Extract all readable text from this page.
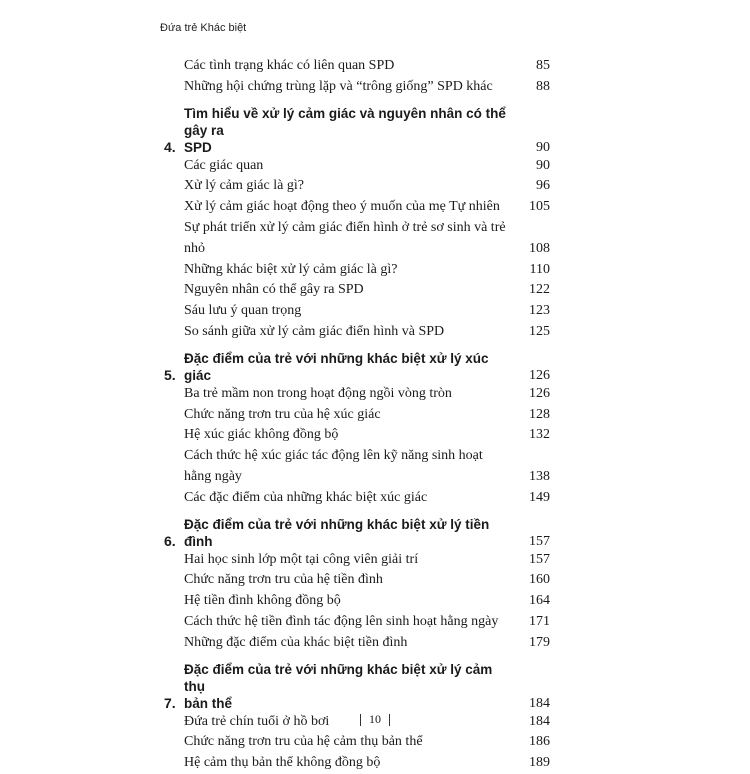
Đứa trẻ Khác biệt
Các tình trạng khác có liên quan SPD	85
Những hội chứng trùng lặp và “trông giống” SPD khác	88
4.
Tìm hiểu về xử lý cảm giác và nguyên nhân có thể gây ra
SPD	90
Các giác quan	90
Xử lý cảm giác là gì?	96
Xử lý cảm giác hoạt động theo ý muốn của mẹ Tự nhiên	105
Sự phát triển xử lý cảm giác điển hình ở trẻ sơ sinh và trẻ nhỏ	108
Những khác biệt xử lý cảm giác là gì?	110
Nguyên nhân có thể gây ra SPD	122
Sáu lưu ý quan trọng	123
So sánh giữa xử lý cảm giác điển hình và SPD	125
5.
Đặc điểm của trẻ với những khác biệt xử lý xúc giác	126
Ba trẻ mầm non trong hoạt động ngồi vòng tròn	126
Chức năng trơn tru của hệ xúc giác	128
Hệ xúc giác không đồng bộ	132
Cách thức hệ xúc giác tác động lên kỹ năng sinh hoạt
hằng ngày	138
Các đặc điểm của những khác biệt xúc giác	149
6.
Đặc điểm của trẻ với những khác biệt xử lý tiền đình	157
Hai học sinh lớp một tại công viên giải trí	157
Chức năng trơn tru của hệ tiền đình	160
Hệ tiền đình không đồng bộ	164
Cách thức hệ tiền đình tác động lên sinh hoạt hằng ngày	171
Những đặc điểm của khác biệt tiền đình	179
7.
Đặc điểm của trẻ với những khác biệt xử lý cảm thụ
bản thể	184
Đứa trẻ chín tuổi ở hồ bơi	184
Chức năng trơn tru của hệ cảm thụ bản thể	186
Hệ cảm thụ bản thể không đồng bộ	189
10
